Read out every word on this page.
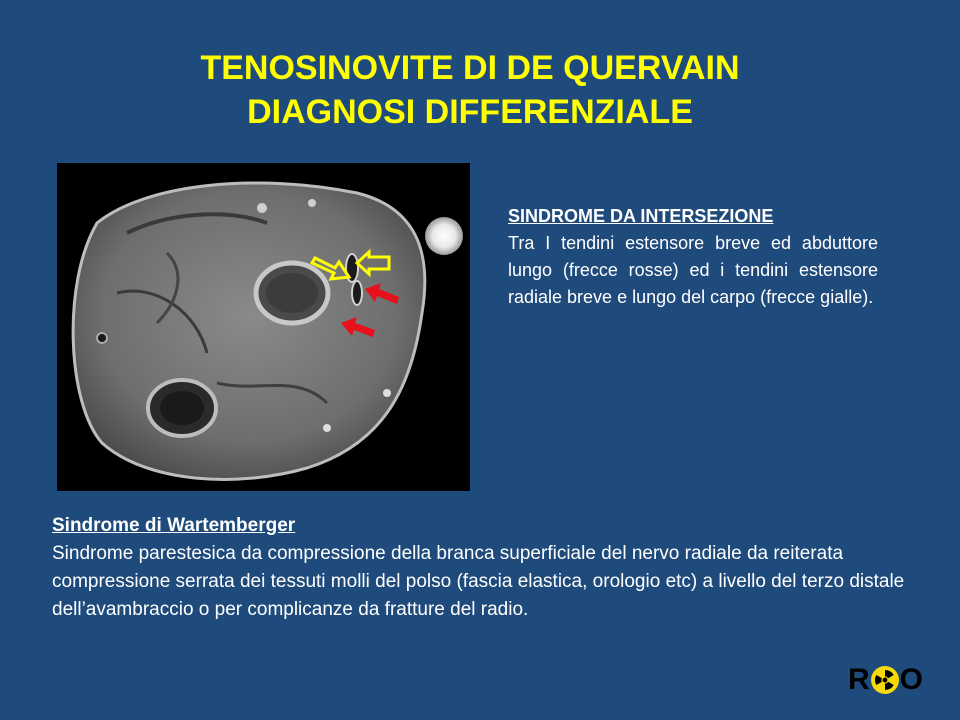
TENOSINOVITE DI DE QUERVAIN
DIAGNOSI DIFFERENZIALE
SINDROME DA INTERSEZIONE
Tra I tendini estensore breve ed abduttore lungo (frecce rosse) ed i tendini estensore radiale breve e lungo del carpo (frecce gialle).
Sindrome di Wartemberger
Sindrome parestesica da compressione della branca superficiale del nervo radiale da reiterata compressione serrata dei tessuti molli del polso (fascia elastica, orologio etc) a livello del terzo distale dell’avambraccio o per complicanze da fratture del radio.
R O
